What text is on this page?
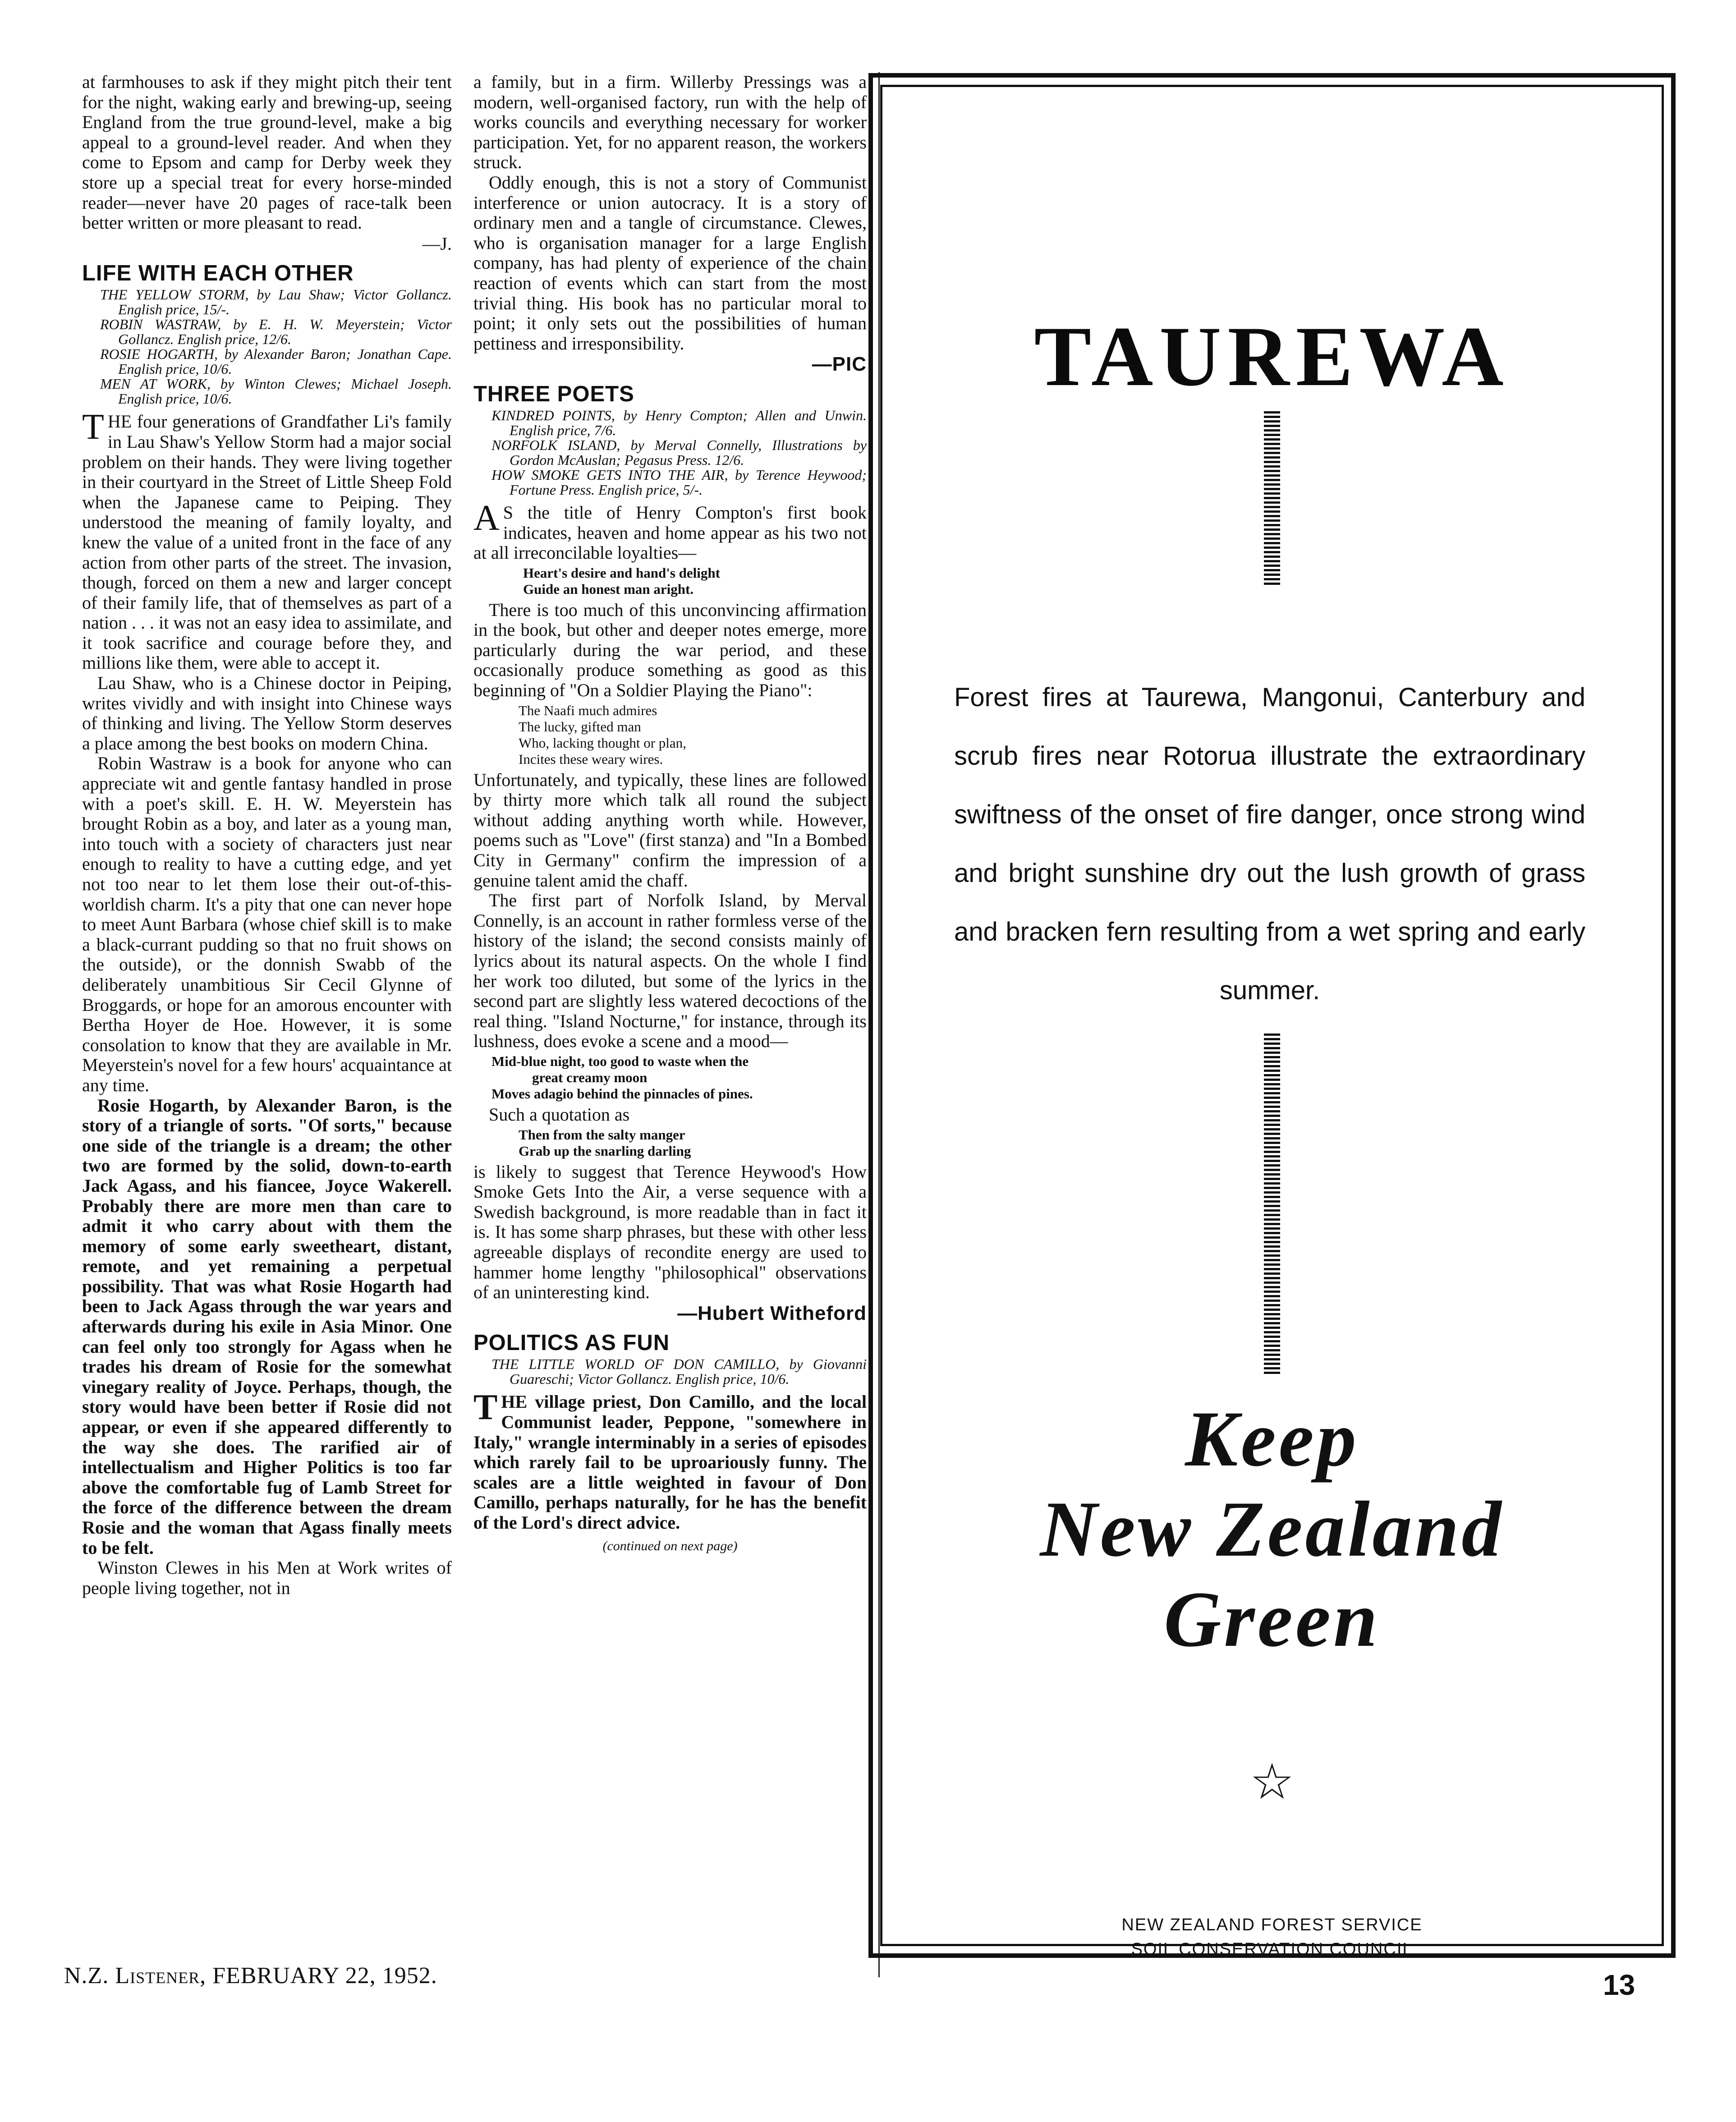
at farmhouses to ask if they might pitch their tent for the night, waking early and brewing-up, seeing England from the true ground-level, make a big appeal to a ground-level reader. And when they come to Epsom and camp for Derby week they store up a special treat for every horse-minded reader—never have 20 pages of race-talk been better written or more pleasant to read.

—J.
LIFE WITH EACH OTHER
THE YELLOW STORM, by Lau Shaw; Victor Gollancz. English price, 15/-.
ROBIN WASTRAW, by E. H. W. Meyerstein; Victor Gollancz. English price, 12/6.
ROSIE HOGARTH, by Alexander Baron; Jonathan Cape. English price, 10/6.
MEN AT WORK, by Winton Clewes; Michael Joseph. English price, 10/6.

THE four generations of Grandfather Li's family in Lau Shaw's Yellow Storm had a major social problem on their hands. They were living together in their courtyard in the Street of Little Sheep Fold when the Japanese came to Peiping. They understood the meaning of family loyalty, and knew the value of a united front in the face of any action from other parts of the street. The invasion, though, forced on them a new and larger concept of their family life, that of themselves as part of a nation . . . it was not an easy idea to assimilate, and it took sacrifice and courage before they, and millions like them, were able to accept it.

Lau Shaw, who is a Chinese doctor in Peiping, writes vividly and with insight into Chinese ways of thinking and living. The Yellow Storm deserves a place among the best books on modern China.

Robin Wastraw is a book for anyone who can appreciate wit and gentle fantasy handled in prose with a poet's skill. E. H. W. Meyerstein has brought Robin as a boy, and later as a young man, into touch with a society of characters just near enough to reality to have a cutting edge, and yet not too near to let them lose their out-of-this-worldish charm. It's a pity that one can never hope to meet Aunt Barbara (whose chief skill is to make a black-currant pudding so that no fruit shows on the outside), or the donnish Swabb of the deliberately unambitious Sir Cecil Glynne of Broggards, or hope for an amorous encounter with Bertha Hoyer de Hoe. However, it is some consolation to know that they are available in Mr. Meyerstein's novel for a few hours' acquaintance at any time.

Rosie Hogarth, by Alexander Baron, is the story of a triangle of sorts. "Of sorts," because one side of the triangle is a dream; the other two are formed by the solid, down-to-earth Jack Agass, and his fiancee, Joyce Wakerell. Probably there are more men than care to admit it who carry about with them the memory of some early sweetheart, distant, remote, and yet remaining a perpetual possibility. That was what Rosie Hogarth had been to Jack Agass through the war years and afterwards during his exile in Asia Minor. One can feel only too strongly for Agass when he trades his dream of Rosie for the somewhat vinegary reality of Joyce. Perhaps, though, the story would have been better if Rosie did not appear, or even if she appeared differently to the way she does. The rarified air of intellectualism and Higher Politics is too far above the comfortable fug of Lamb Street for the force of the difference between the dream Rosie and the woman that Agass finally meets to be felt.

Winston Clewes in his Men at Work writes of people living together, not in

a family, but in a firm. Willerby Pressings was a modern, well-organised factory, run with the help of works councils and everything necessary for worker participation. Yet, for no apparent reason, the workers struck.

Oddly enough, this is not a story of Communist interference or union autocracy. It is a story of ordinary men and a tangle of circumstance. Clewes, who is organisation manager for a large English company, has had plenty of experience of the chain reaction of events which can start from the most trivial thing. His book has no particular moral to point; it only sets out the possibilities of human pettiness and irresponsibility.

—PIC
THREE POETS
KINDRED POINTS, by Henry Compton; Allen and Unwin. English price, 7/6.
NORFOLK ISLAND, by Merval Connelly, Illustrations by Gordon McAuslan; Pegasus Press. 12/6.
HOW SMOKE GETS INTO THE AIR, by Terence Heywood; Fortune Press. English price, 5/-.

A S the title of Henry Compton's first book indicates, heaven and home appear as his two not at all irreconcilable loyalties—

Heart's desire and hand's delight
Guide an honest man aright.

There is too much of this unconvincing affirmation in the book, but other and deeper notes emerge, more particularly during the war period, and these occasionally produce something as good as this beginning of "On a Soldier Playing the Piano":

The Naafi much admires
The lucky, gifted man
Who, lacking thought or plan,
Incites these weary wires.

Unfortunately, and typically, these lines are followed by thirty more which talk all round the subject without adding anything worth while. However, poems such as "Love" (first stanza) and "In a Bombed City in Germany" confirm the impression of a genuine talent amid the chaff.

The first part of Norfolk Island, by Merval Connelly, is an account in rather formless verse of the history of the island; the second consists mainly of lyrics about its natural aspects. On the whole I find her work too diluted, but some of the lyrics in the second part are slightly less watered decoctions of the real thing. "Island Nocturne," for instance, through its lushness, does evoke a scene and a mood—

Mid-blue night, too good to waste when the
great creamy moon
Moves adagio behind the pinnacles of pines.

Such a quotation as

Then from the salty manger
Grab up the snarling darling

is likely to suggest that Terence Heywood's How Smoke Gets Into the Air, a verse sequence with a Swedish background, is more readable than in fact it is. It has some sharp phrases, but these with other less agreeable displays of recondite energy are used to hammer home lengthy "philosophical" observations of an uninteresting kind.

—Hubert Witheford
POLITICS AS FUN
THE LITTLE WORLD OF DON CAMILLO, by Giovanni Guareschi; Victor Gollancz. English price, 10/6.

THE village priest, Don Camillo, and the local Communist leader, Peppone, "somewhere in Italy," wrangle interminably in a series of episodes which rarely fail to be uproariously funny. The scales are a little weighted in favour of Don Camillo, perhaps naturally, for he has the benefit of the Lord's direct advice.

(continued on next page)
TAUREWA
Forest fires at Taurewa, Mangonui, Canterbury and scrub fires near Rotorua illustrate the extraordinary swiftness of the onset of fire danger, once strong wind and bright sunshine dry out the lush growth of grass and bracken fern resulting from a wet spring and early summer.
Keep
New Zealand
Green
☆
NEW ZEALAND FOREST SERVICE
SOIL CONSERVATION COUNCIL
N.Z. Listener, FEBRUARY 22, 1952.	13
